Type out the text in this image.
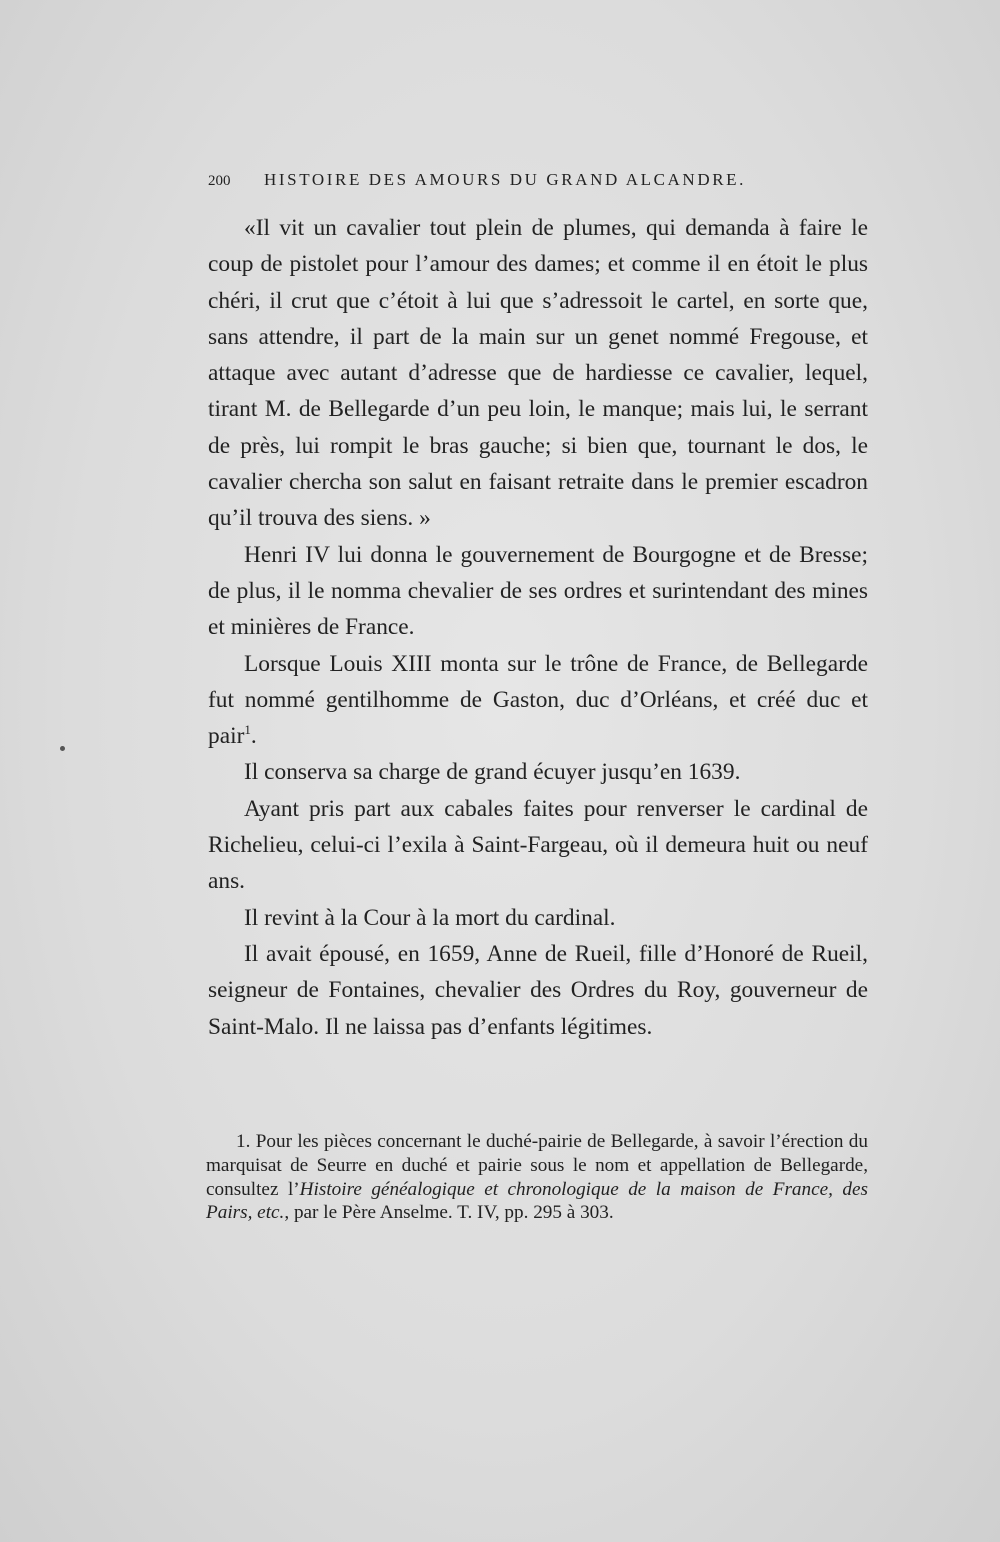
200 HISTOIRE DES AMOURS DU GRAND ALCANDRE.

«Il vit un cavalier tout plein de plumes, qui demanda à faire le coup de pistolet pour l’amour des dames; et comme il en étoit le plus chéri, il crut que c’étoit à lui que s’adressoit le cartel, en sorte que, sans attendre, il part de la main sur un genet nommé Fregouse, et attaque avec autant d’adresse que de hardiesse ce cavalier, lequel, tirant M. de Bellegarde d’un peu loin, le manque; mais lui, le serrant de près, lui rompit le bras gauche; si bien que, tournant le dos, le cavalier chercha son salut en faisant retraite dans le premier escadron qu’il trouva des siens. »

Henri IV lui donna le gouvernement de Bourgogne et de Bresse; de plus, il le nomma chevalier de ses ordres et surintendant des mines et minières de France.

Lorsque Louis XIII monta sur le trône de France, de Bellegarde fut nommé gentilhomme de Gaston, duc d’Orléans, et créé duc et pair$^1$.

Il conserva sa charge de grand écuyer jusqu’en 1639.

Ayant pris part aux cabales faites pour renverser le cardinal de Richelieu, celui-ci l’exila à Saint-Fargeau, où il demeura huit ou neuf ans.

Il revint à la Cour à la mort du cardinal.

Il avait épousé, en 1659, Anne de Rueil, fille d’Honoré de Rueil, seigneur de Fontaines, chevalier des Ordres du Roy, gouverneur de Saint-Malo. Il ne laissa pas d’enfants légitimes.

1. Pour les pièces concernant le duché-pairie de Bellegarde, à savoir l’érection du marquisat de Seurre en duché et pairie sous le nom et appellation de Bellegarde, consultez l’Histoire généalogique et chronologique de la maison de France, des Pairs, etc., par le Père Anselme. T. IV, pp. 295 à 303.
